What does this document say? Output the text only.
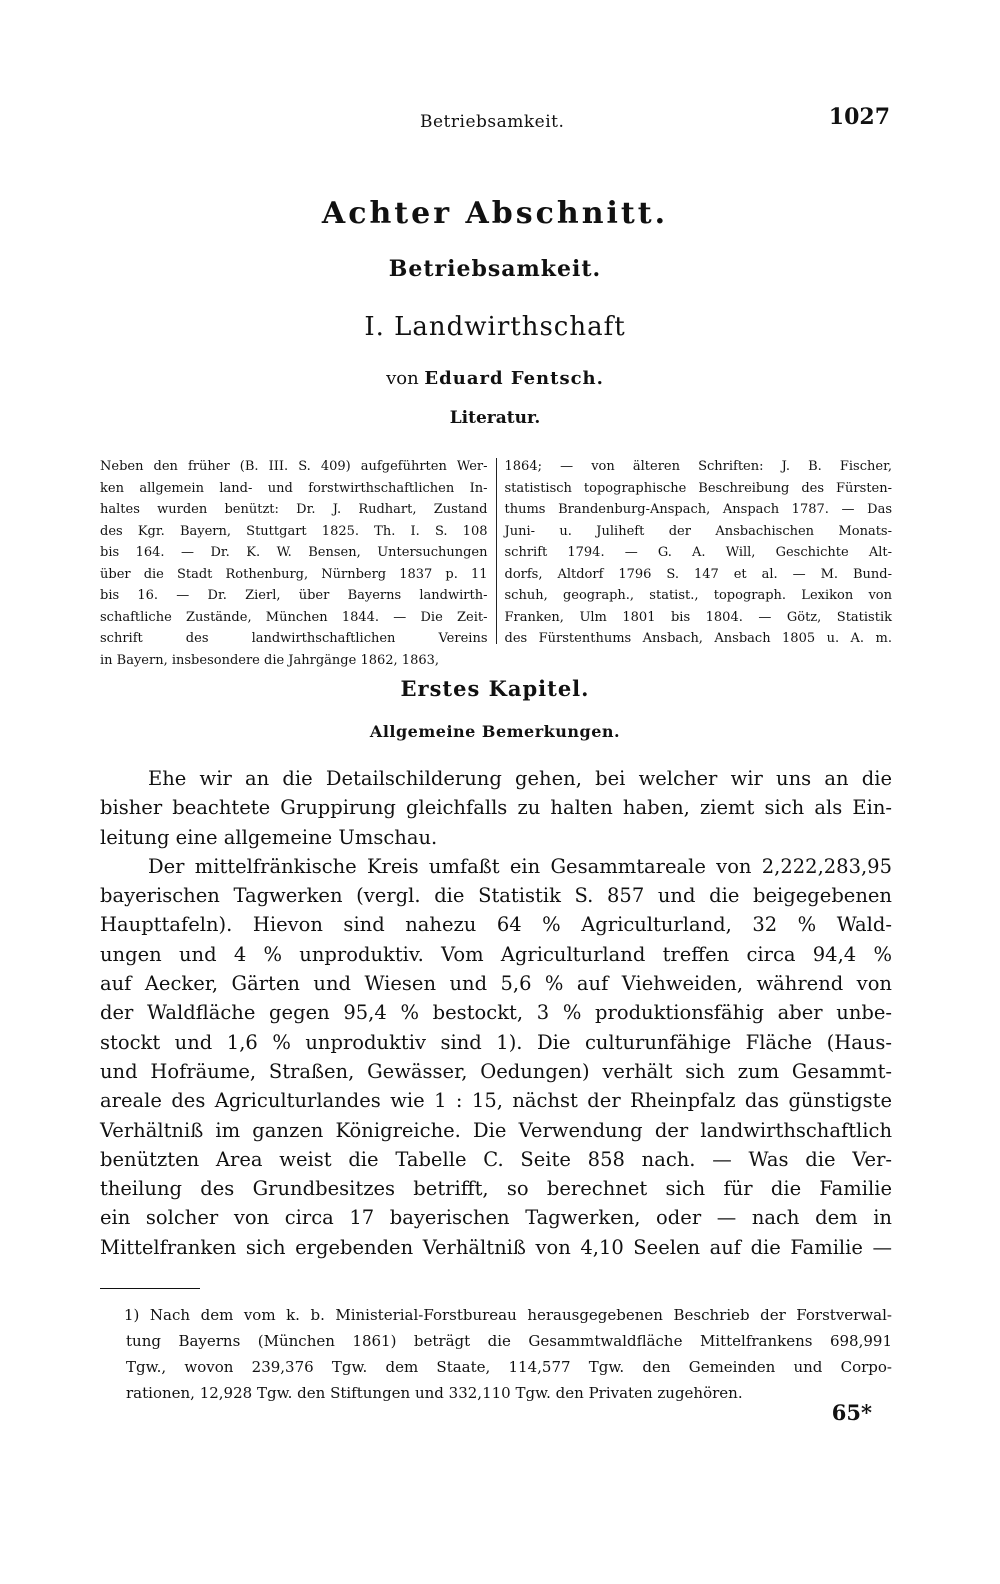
Betriebsamkeit.	1027
Achter Abschnitt.
Betriebsamkeit.
I. Landwirthschaft
von Eduard Fentsch.
Literatur.
Neben den früher (B. III. S. 409) aufgeführten Wer-
ken allgemein land- und forstwirthschaftlichen In-
haltes wurden benützt: Dr. J. Rudhart, Zustand
des Kgr. Bayern, Stuttgart 1825. Th. I. S. 108
bis 164. — Dr. K. W. Bensen, Untersuchungen
über die Stadt Rothenburg, Nürnberg 1837 p. 11
bis 16. — Dr. Zierl, über Bayerns landwirth-
schaftliche Zustände, München 1844. — Die Zeit-
schrift des landwirthschaftlichen Vereins
in Bayern, insbesondere die Jahrgänge 1862, 1863,
1864; — von älteren Schriften: J. B. Fischer,
statistisch topographische Beschreibung des Fürsten-
thums Brandenburg-Anspach, Anspach 1787. — Das
Juni- u. Juliheft der Ansbachischen Monats-
schrift 1794. — G. A. Will, Geschichte Alt-
dorfs, Altdorf 1796 S. 147 et al. — M. Bund-
schuh, geograph., statist., topograph. Lexikon von
Franken, Ulm 1801 bis 1804. — Götz, Statistik
des Fürstenthums Ansbach, Ansbach 1805 u. A. m.
Erstes Kapitel.
Allgemeine Bemerkungen.
Ehe wir an die Detailschilderung gehen, bei welcher wir uns an die
bisher beachtete Gruppirung gleichfalls zu halten haben, ziemt sich als Ein-
leitung eine allgemeine Umschau.
Der mittelfränkische Kreis umfaßt ein Gesammtareale von 2,222,283,95
bayerischen Tagwerken (vergl. die Statistik S. 857 und die beigegebenen
Haupttafeln). Hievon sind nahezu 64 % Agriculturland, 32 % Wald-
ungen und 4 % unproduktiv. Vom Agriculturland treffen circa 94,4 %
auf Aecker, Gärten und Wiesen und 5,6 % auf Viehweiden, während von
der Waldfläche gegen 95,4 % bestockt, 3 % produktionsfähig aber unbe-
stockt und 1,6 % unproduktiv sind 1). Die culturunfähige Fläche (Haus-
und Hofräume, Straßen, Gewässer, Oedungen) verhält sich zum Gesammt-
areale des Agriculturlandes wie 1 : 15, nächst der Rheinpfalz das günstigste
Verhältniß im ganzen Königreiche. Die Verwendung der landwirthschaftlich
benützten Area weist die Tabelle C. Seite 858 nach. — Was die Ver-
theilung des Grundbesitzes betrifft, so berechnet sich für die Familie
ein solcher von circa 17 bayerischen Tagwerken, oder — nach dem in
Mittelfranken sich ergebenden Verhältniß von 4,10 Seelen auf die Familie —
1) Nach dem vom k. b. Ministerial-Forstbureau herausgegebenen Beschrieb der Forstverwal-
tung Bayerns (München 1861) beträgt die Gesammtwaldfläche Mittelfrankens 698,991
Tgw., wovon 239,376 Tgw. dem Staate, 114,577 Tgw. den Gemeinden und Corpo-
rationen, 12,928 Tgw. den Stiftungen und 332,110 Tgw. den Privaten zugehören.
65*
